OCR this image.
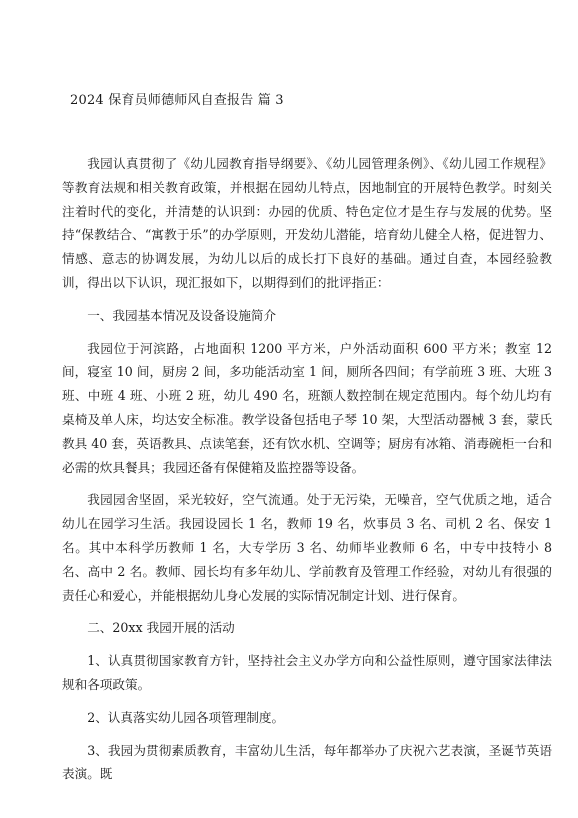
2024 保育员师德师风自查报告 篇 3

我园认真贯彻了《幼儿园教育指导纲要》、《幼儿园管理条例》、《幼儿园工作规程》等教育法规和相关教育政策，并根据在园幼儿特点，因地制宜的开展特色教学。时刻关注着时代的变化，并清楚的认识到：办园的优质、特色定位才是生存与发展的优势。坚持“保教结合、“寓教于乐”的办学原则，开发幼儿潜能，培育幼儿健全人格，促进智力、情感、意志的协调发展，为幼儿以后的成长打下良好的基础。通过自查，本园经验教训，得出以下认识，现汇报如下，以期得到们的批评指正：

一、我园基本情况及设备设施简介

我园位于河滨路，占地面积 1200 平方米，户外活动面积 600 平方米；教室 12 间，寝室 10 间，厨房 2 间，多功能活动室 1 间，厕所各四间；有学前班 3 班、大班 3 班、中班 4 班、小班 2 班，幼儿 490 名，班额人数控制在规定范围内。每个幼儿均有桌椅及单人床，均达安全标准。教学设备包括电子琴 10 架，大型活动器械 3 套，蒙氏教具 40 套，英语教具、点读笔套，还有饮水机、空调等；厨房有冰箱、消毒碗柜一台和必需的炊具餐具；我园还备有保健箱及监控器等设备。

我园园舍坚固，采光较好，空气流通。处于无污染，无噪音，空气优质之地，适合幼儿在园学习生活。我园设园长 1 名，教师 19 名，炊事员 3 名、司机 2 名、保安 1 名。其中本科学历教师 1 名，大专学历 3 名、幼师毕业教师 6 名，中专中技特小 8 名、高中 2 名。教师、园长均有多年幼儿、学前教育及管理工作经验，对幼儿有很强的责任心和爱心，并能根据幼儿身心发展的实际情况制定计划、进行保育。

二、20xx 我园开展的活动

1、认真贯彻国家教育方针，坚持社会主义办学方向和公益性原则，遵守国家法律法规和各项政策。

2、认真落实幼儿园各项管理制度。

3、我园为贯彻素质教育，丰富幼儿生活，每年都举办了庆祝六艺表演，圣诞节英语表演。既
